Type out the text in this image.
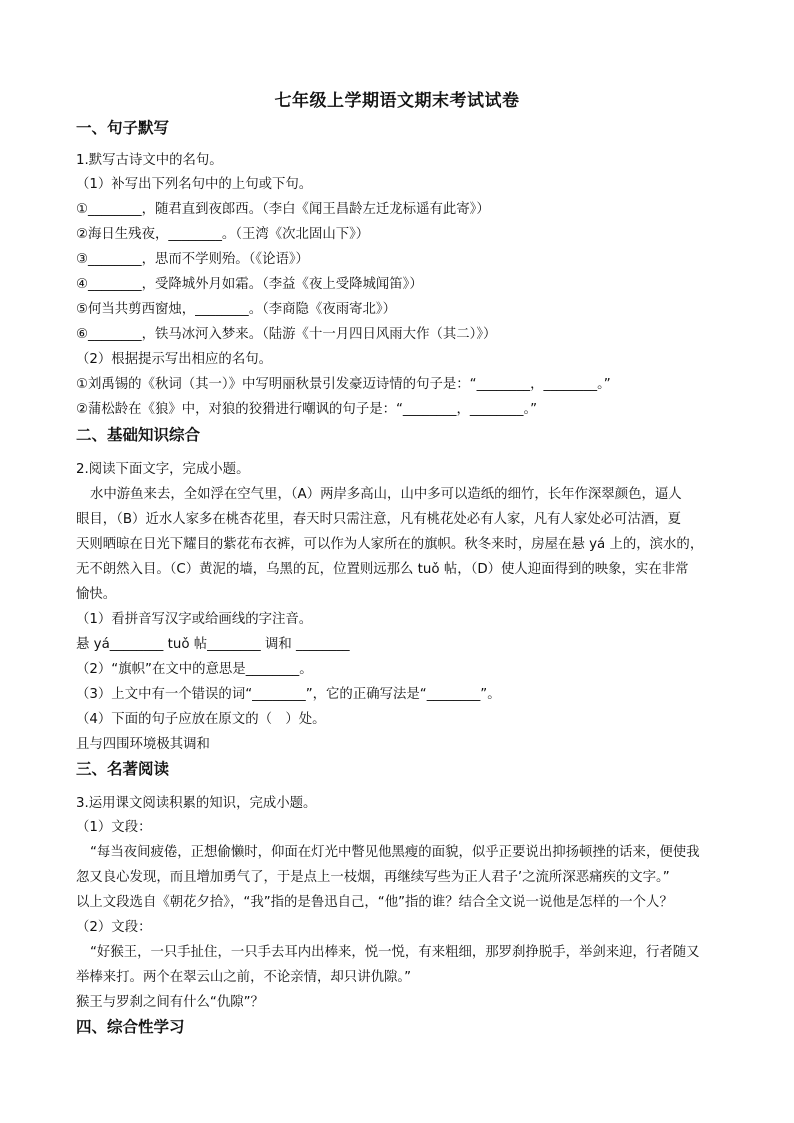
七年级上学期语文期末考试试卷
一、句子默写
1.默写古诗文中的名句。
（1）补写出下列名句中的上句或下句。
①________，随君直到夜郎西。（李白《闻王昌龄左迁龙标遥有此寄》）
②海日生残夜，________。（王湾《次北固山下》）
③________，思而不学则殆。（《论语》）
④________，受降城外月如霜。（李益《夜上受降城闻笛》）
⑤何当共剪西窗烛，________。（李商隐《夜雨寄北》）
⑥________，铁马冰河入梦来。（陆游《十一月四日风雨大作（其二）》）
（2）根据提示写出相应的名句。
①刘禹锡的《秋词（其一）》中写明丽秋景引发豪迈诗情的句子是：“________，________。”
②蒲松龄在《狼》中，对狼的狡猾进行嘲讽的句子是：“________，________。”
二、基础知识综合
2.阅读下面文字，完成小题。
水中游鱼来去，全如浮在空气里，（A）两岸多高山，山中多可以造纸的细竹，长年作深翠颜色，逼人
眼目，（B）近水人家多在桃杏花里，春天时只需注意，凡有桃花处必有人家，凡有人家处必可沽酒，夏
天则晒晾在日光下耀目的紫花布衣裤，可以作为人家所在的旗帜。秋冬来时，房屋在悬 yá 上的，滨水的，
无不朗然入目。（C）黄泥的墙，乌黑的瓦，位置则远那么 tuǒ 帖，（D）使人迎面得到的映象，实在非常
愉快。
（1）看拼音写汉字或给画线的字注音。
悬 yá________ tuǒ 帖________ 调和 ________
（2）“旗帜”在文中的意思是________。
（3）上文中有一个错误的词“________”，它的正确写法是“________”。
（4）下面的句子应放在原文的（　）处。
且与四围环境极其调和
三、名著阅读
3.运用课文阅读积累的知识，完成小题。
（1）文段：
“每当夜间疲倦，正想偷懒时，仰面在灯光中瞥见他黑瘦的面貌，似乎正要说出抑扬顿挫的话来，便使我
忽又良心发现，而且增加勇气了，于是点上一枝烟，再继续写些为正人君子’之流所深恶痛疾的文字。”
以上文段选自《朝花夕拾》，“我”指的是鲁迅自己，“他”指的谁？结合全文说一说他是怎样的一个人？
（2）文段：
“好猴王，一只手扯住，一只手去耳内出棒来，悦一悦，有来粗细，那罗刹挣脱手，举剑来迎，行者随又
举棒来打。两个在翠云山之前，不论亲情，却只讲仇隙。”
猴王与罗刹之间有什么“仇隙”？
四、综合性学习
